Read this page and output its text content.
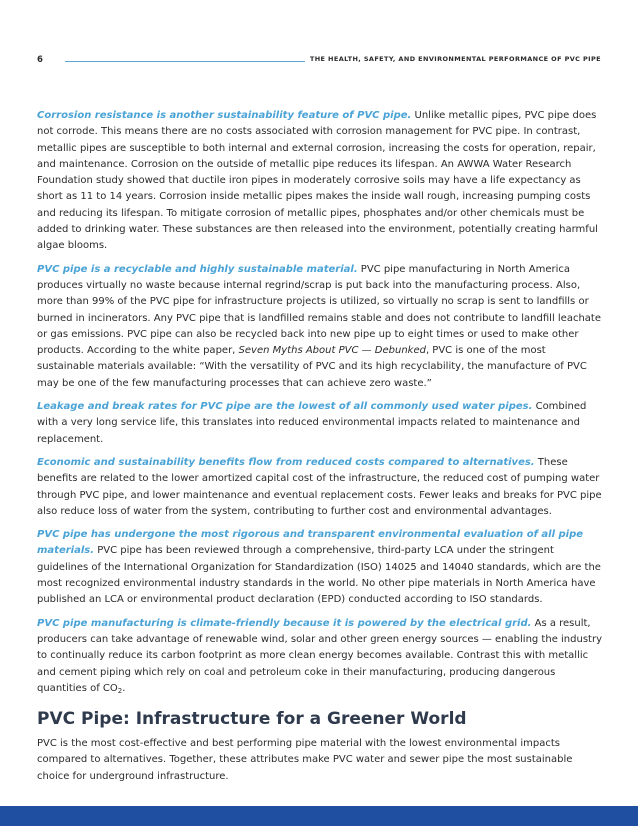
6	THE HEALTH, SAFETY, AND ENVIRONMENTAL PERFORMANCE OF PVC PIPE

Corrosion resistance is another sustainability feature of PVC pipe. Unlike metallic pipes, PVC pipe does not corrode. This means there are no costs associated with corrosion management for PVC pipe. In contrast, metallic pipes are susceptible to both internal and external corrosion, increasing the costs for operation, repair, and maintenance. Corrosion on the outside of metallic pipe reduces its lifespan. An AWWA Water Research Foundation study showed that ductile iron pipes in moderately corrosive soils may have a life expectancy as short as 11 to 14 years. Corrosion inside metallic pipes makes the inside wall rough, increasing pumping costs and reducing its lifespan. To mitigate corrosion of metallic pipes, phosphates and/or other chemicals must be added to drinking water. These substances are then released into the environment, potentially creating harmful algae blooms.

PVC pipe is a recyclable and highly sustainable material. PVC pipe manufacturing in North America produces virtually no waste because internal regrind/scrap is put back into the manufacturing process. Also, more than 99% of the PVC pipe for infrastructure projects is utilized, so virtually no scrap is sent to landfills or burned in incinerators. Any PVC pipe that is landfilled remains stable and does not contribute to landfill leachate or gas emissions. PVC pipe can also be recycled back into new pipe up to eight times or used to make other products. According to the white paper, Seven Myths About PVC — Debunked, PVC is one of the most sustainable materials available: “With the versatility of PVC and its high recyclability, the manufacture of PVC may be one of the few manufacturing processes that can achieve zero waste.”

Leakage and break rates for PVC pipe are the lowest of all commonly used water pipes. Combined with a very long service life, this translates into reduced environmental impacts related to maintenance and replacement.

Economic and sustainability benefits flow from reduced costs compared to alternatives. These benefits are related to the lower amortized capital cost of the infrastructure, the reduced cost of pumping water through PVC pipe, and lower maintenance and eventual replacement costs. Fewer leaks and breaks for PVC pipe also reduce loss of water from the system, contributing to further cost and environmental advantages.

PVC pipe has undergone the most rigorous and transparent environmental evaluation of all pipe materials. PVC pipe has been reviewed through a comprehensive, third-party LCA under the stringent guidelines of the International Organization for Standardization (ISO) 14025 and 14040 standards, which are the most recognized environmental industry standards in the world. No other pipe materials in North America have published an LCA or environmental product declaration (EPD) conducted according to ISO standards.

PVC pipe manufacturing is climate-friendly because it is powered by the electrical grid. As a result, producers can take advantage of renewable wind, solar and other green energy sources — enabling the industry to continually reduce its carbon footprint as more clean energy becomes available. Contrast this with metallic and cement piping which rely on coal and petroleum coke in their manufacturing, producing dangerous quantities of $CO_2$.

PVC Pipe: Infrastructure for a Greener World

PVC is the most cost-effective and best performing pipe material with the lowest environmental impacts compared to alternatives. Together, these attributes make PVC water and sewer pipe the most sustainable choice for underground infrastructure.
